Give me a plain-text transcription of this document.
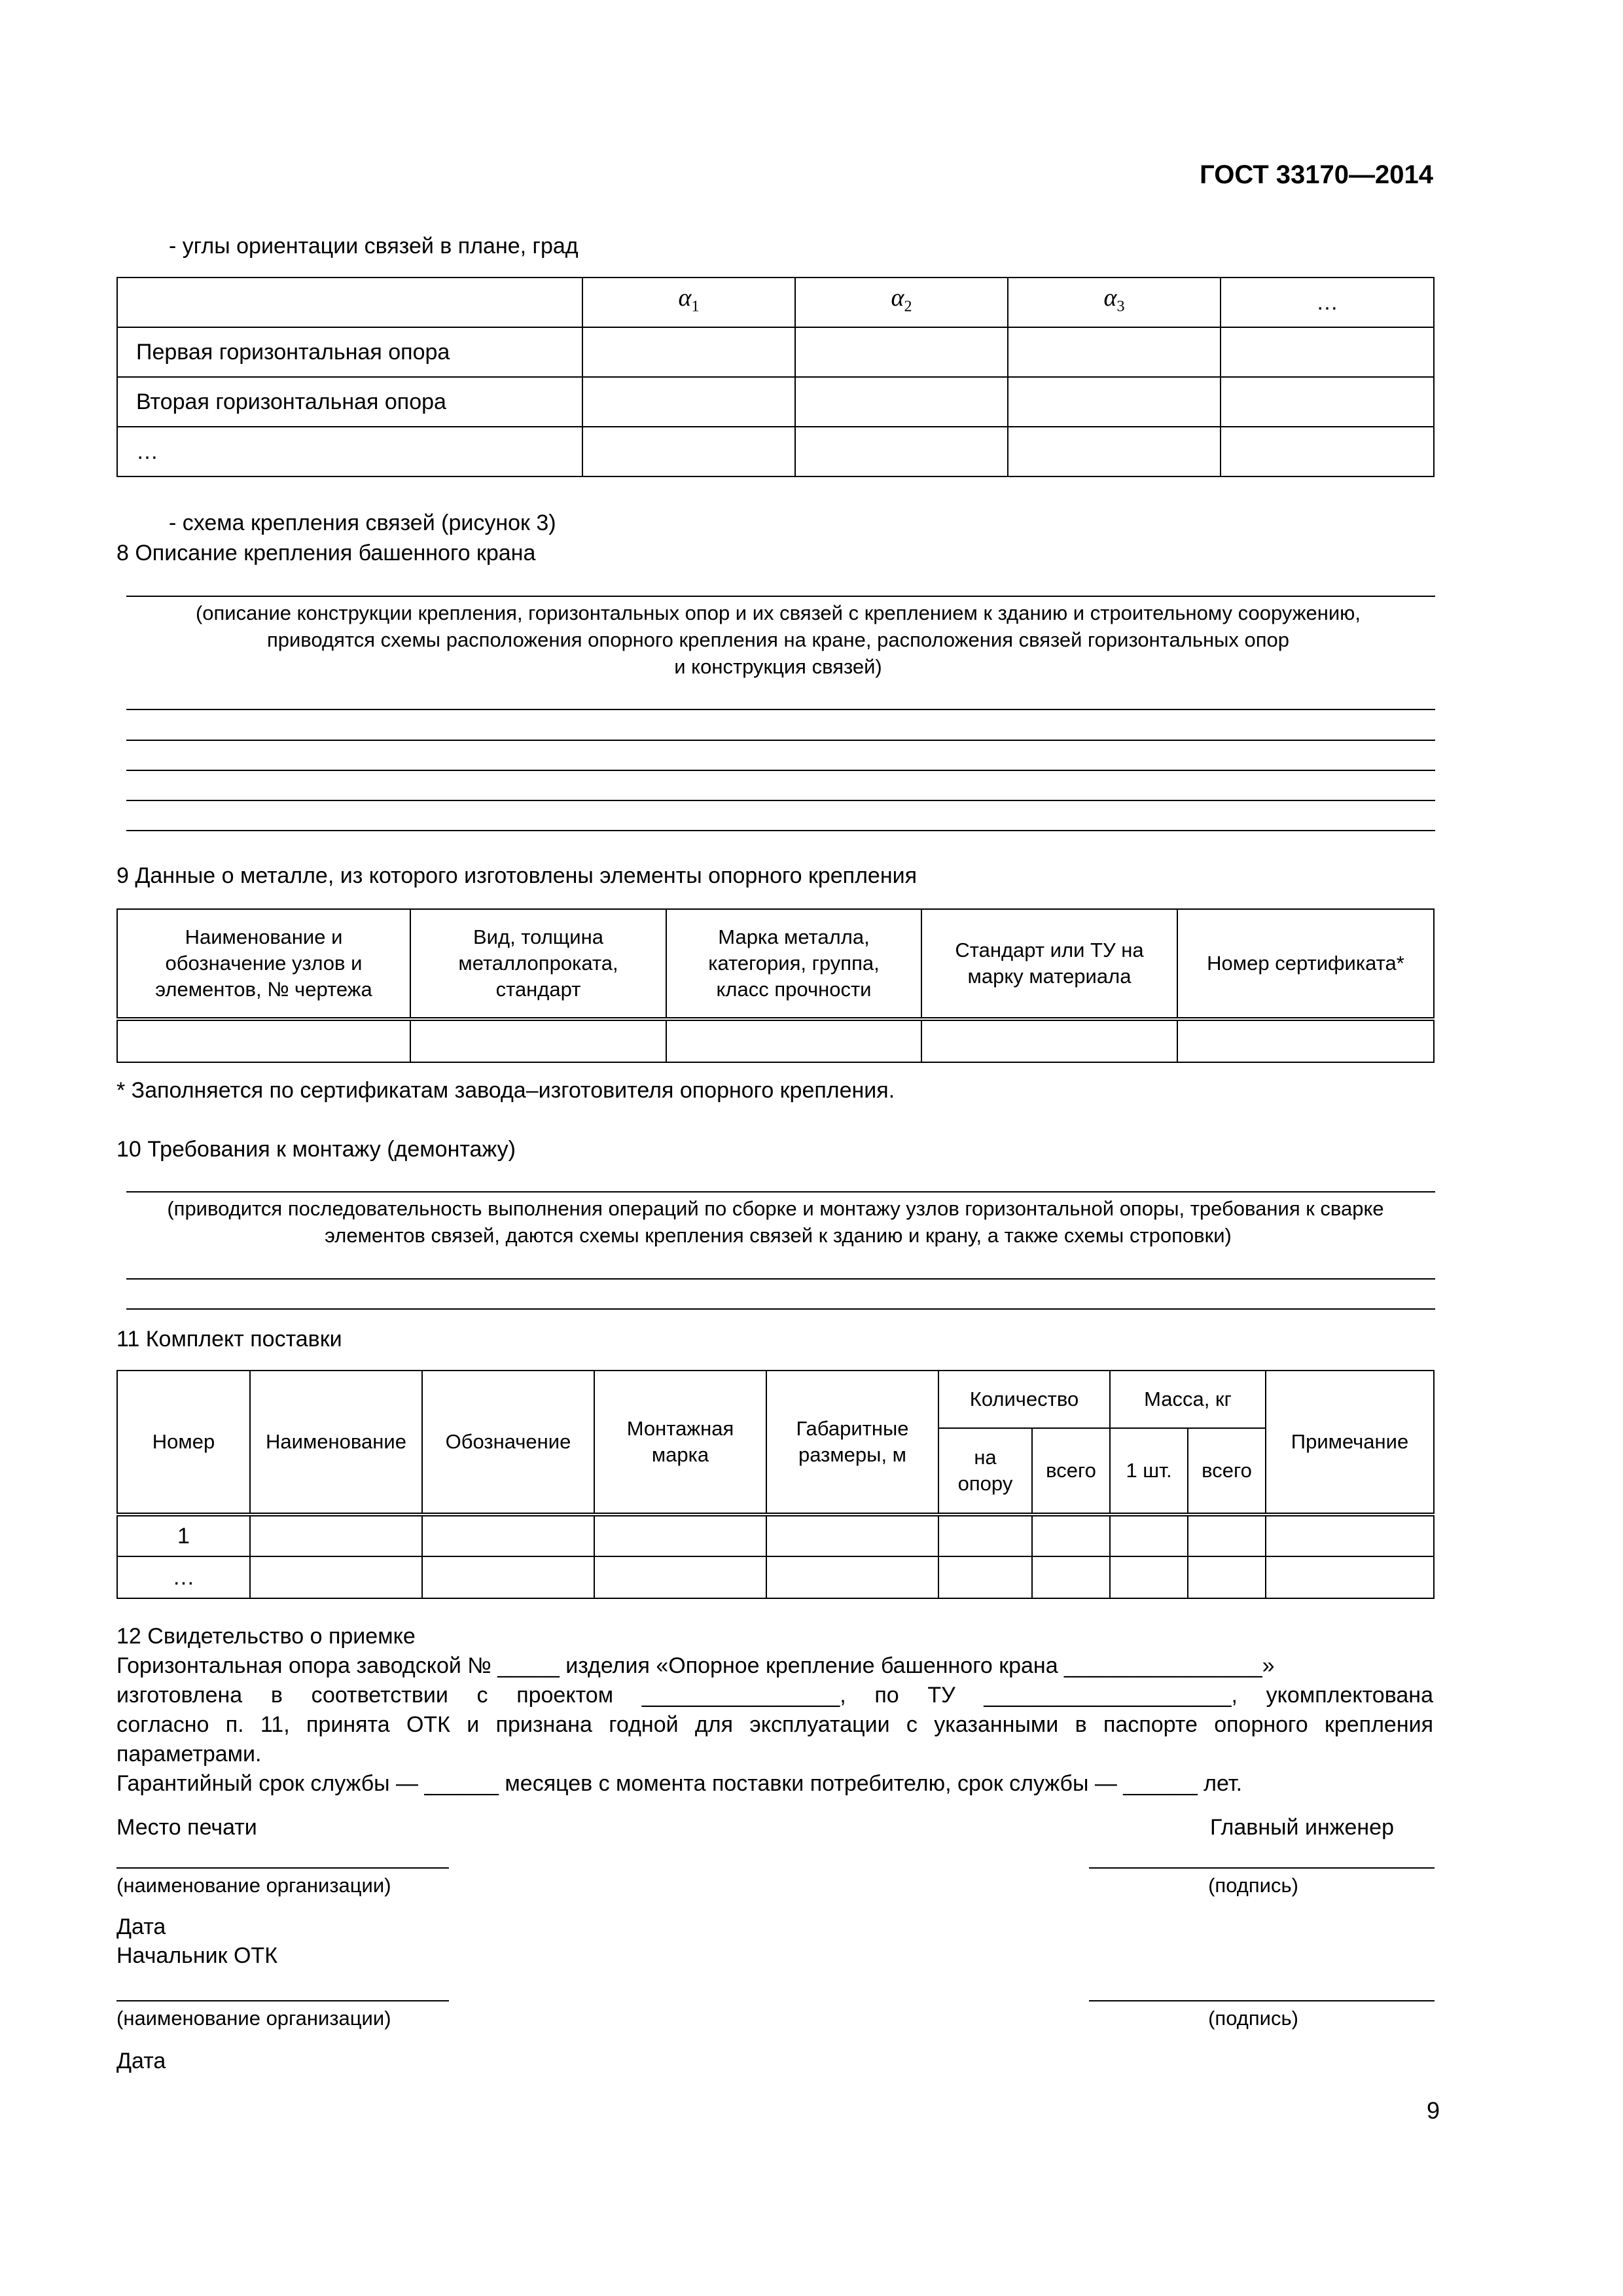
ГОСТ 33170—2014
- углы ориентации связей в плане, град
	$\alpha_1$	$\alpha_2$	$\alpha_3$	…
Первая горизонтальная опора				
Вторая горизонтальная опора				
…				
- схема крепления связей (рисунок 3)
8 Описание крепления башенного крана
(описание конструкции крепления, горизонтальных опор и их связей с креплением к зданию и строительному сооружению,
приводятся схемы расположения опорного крепления на кране, расположения связей горизонтальных опор
и конструкция связей)
9 Данные о металле, из которого изготовлены элементы опорного крепления
Наименование и обозначение узлов и элементов, № чертежа	Вид, толщина металлопроката, стандарт	Марка металла, категория, группа, класс прочности	Стандарт или ТУ на марку материала	Номер сертификата*

* Заполняется по сертификатам завода–изготовителя опорного крепления.
10 Требования к монтажу (демонтажу)
(приводится последовательность выполнения операций по сборке и монтажу узлов горизонтальной опоры, требования к сварке
элементов связей, даются схемы крепления связей к зданию и крану, а также схемы строповки)
11 Комплект поставки
Номер	Наименование	Обозначение	Монтажная марка	Габаритные размеры, м	Количество		Масса, кг		Примечание
					на опору	всего	1 шт.	всего	
1									
…									
12 Свидетельство о приемке
Горизонтальная опора заводской № _____ изделия «Опорное крепление башенного крана ________________»
изготовлена в соответствии с проектом ________________, по ТУ ____________________, укомплектована
согласно п. 11, принята ОТК и признана годной для эксплуатации с указанными в паспорте опорного крепления
параметрами.
Гарантийный срок службы — ______ месяцев с момента поставки потребителю, срок службы — ______ лет.
Место печати	Главный инженер
(наименование организации)	(подпись)
Дата
Начальник ОТК
(наименование организации)	(подпись)
Дата
9
